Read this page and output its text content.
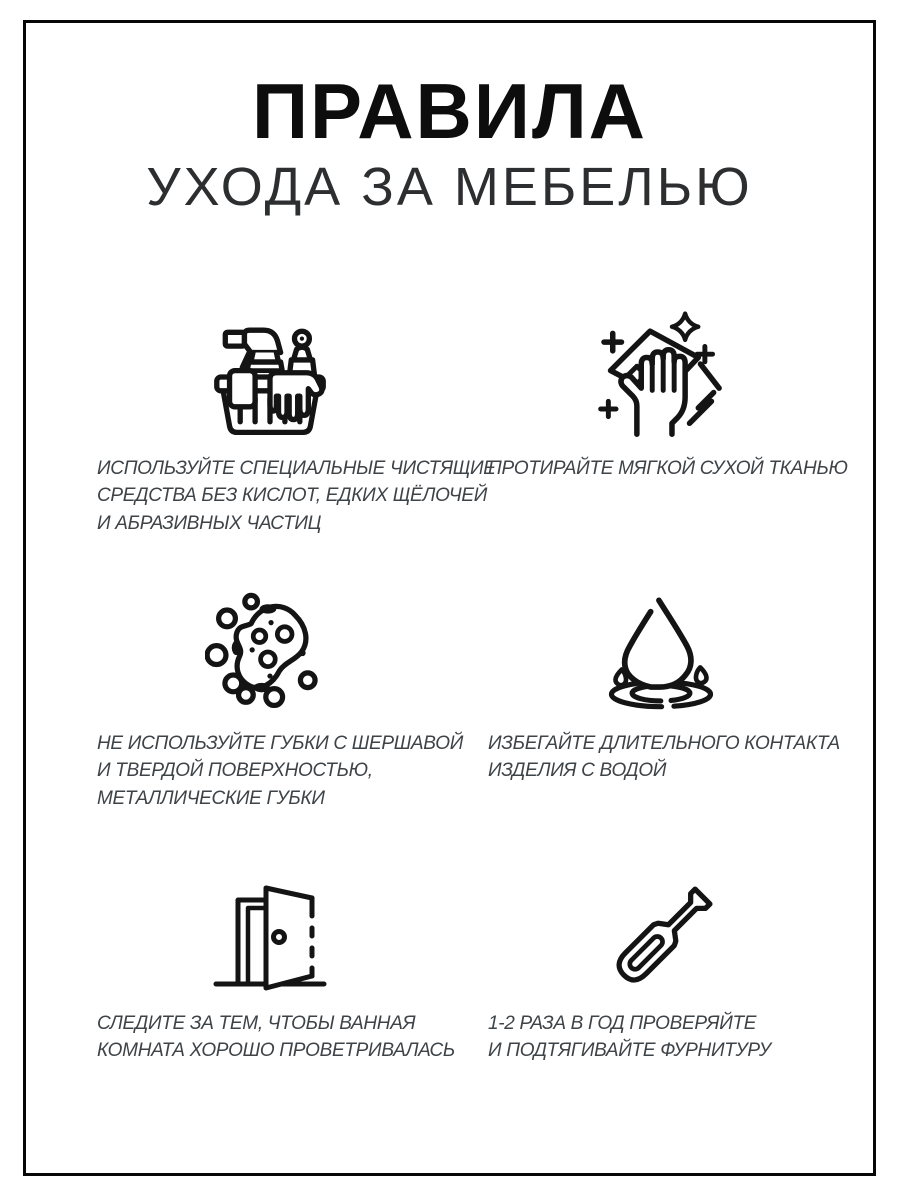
ПРАВИЛА
УХОДА ЗА МЕБЕЛЬЮ
ИСПОЛЬЗУЙТЕ СПЕЦИАЛЬНЫЕ ЧИСТЯЩИЕ
СРЕДСТВА БЕЗ КИСЛОТ, ЕДКИХ ЩЁЛОЧЕЙ
И АБРАЗИВНЫХ ЧАСТИЦ
ПРОТИРАЙТЕ МЯГКОЙ СУХОЙ ТКАНЬЮ
НЕ ИСПОЛЬЗУЙТЕ ГУБКИ С ШЕРШАВОЙ
И ТВЕРДОЙ ПОВЕРХНОСТЬЮ,
МЕТАЛЛИЧЕСКИЕ ГУБКИ
ИЗБЕГАЙТЕ ДЛИТЕЛЬНОГО КОНТАКТА
ИЗДЕЛИЯ С ВОДОЙ
СЛЕДИТЕ ЗА ТЕМ, ЧТОБЫ ВАННАЯ
КОМНАТА ХОРОШО ПРОВЕТРИВАЛАСЬ
1-2 РАЗА В ГОД ПРОВЕРЯЙТЕ
И ПОДТЯГИВАЙТЕ ФУРНИТУРУ
